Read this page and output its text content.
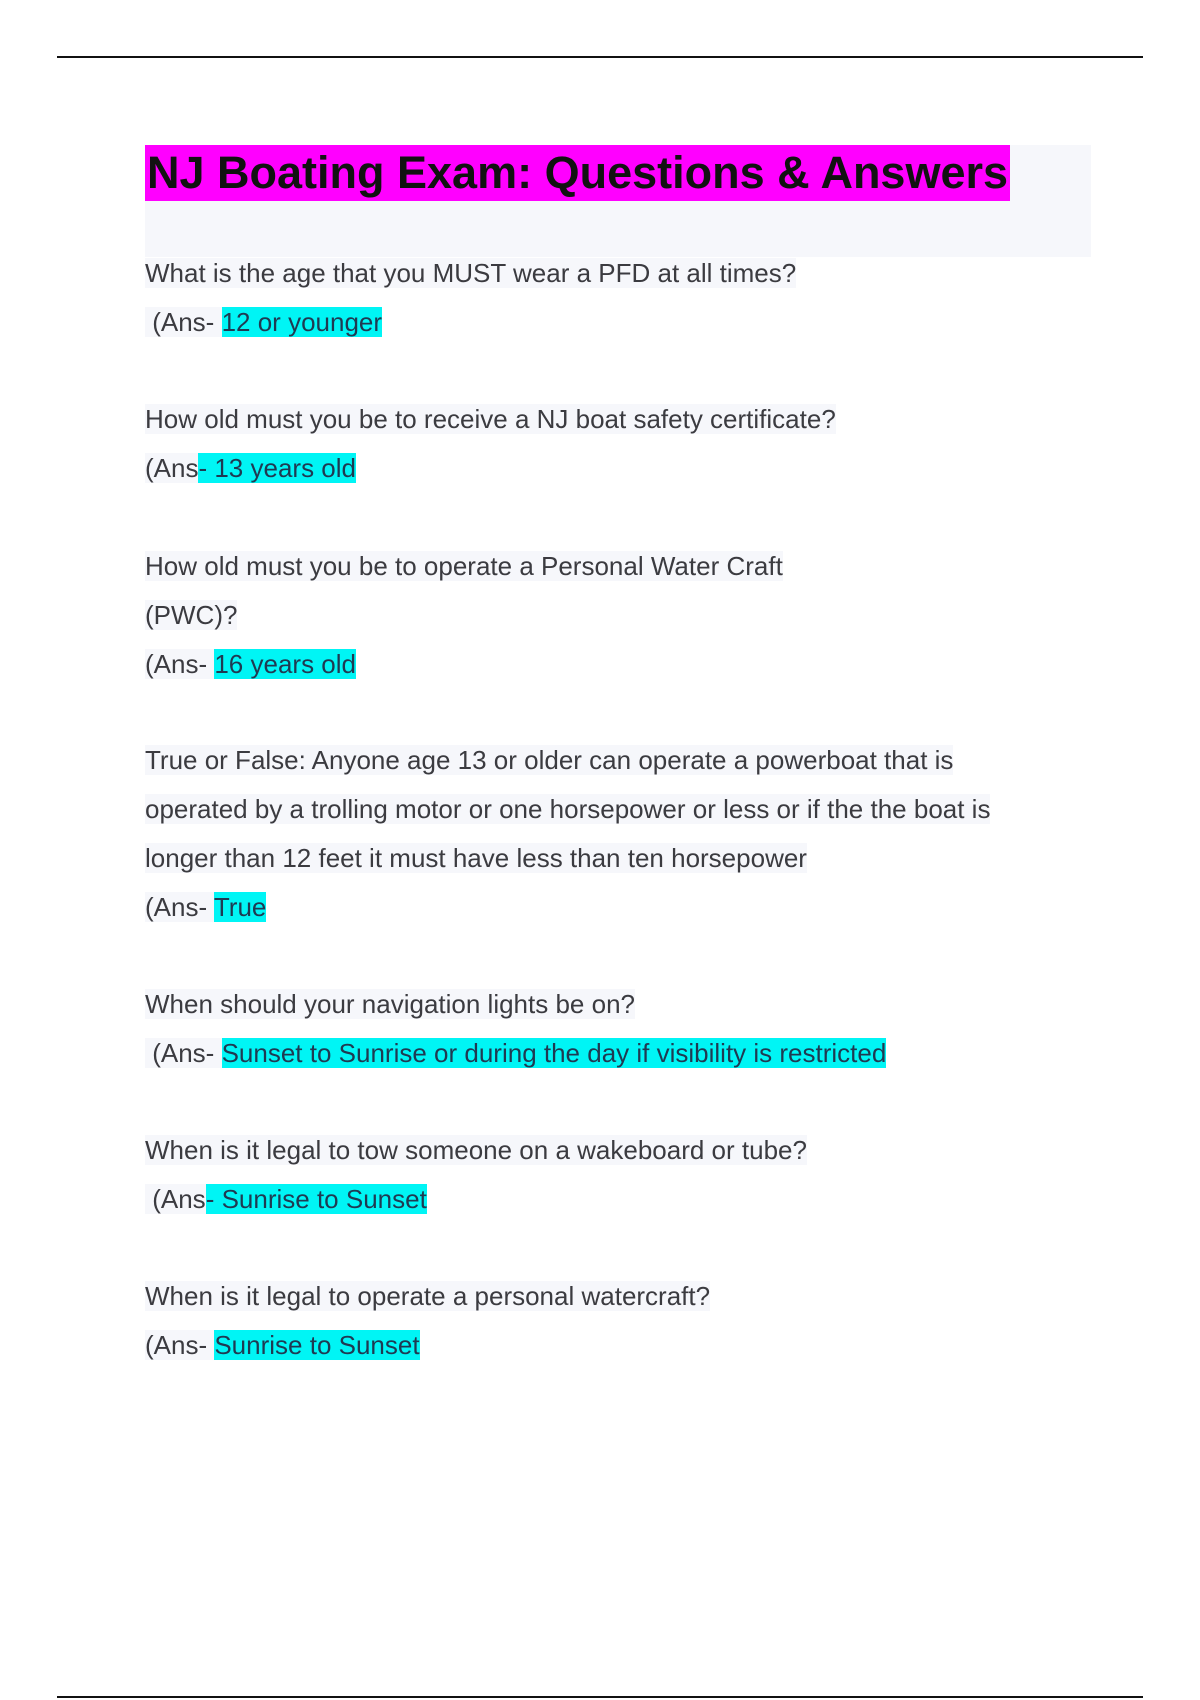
NJ Boating Exam: Questions & Answers
What is the age that you MUST wear a PFD at all times?
(Ans- 12 or younger
How old must you be to receive a NJ boat safety certificate?
(Ans- 13 years old
How old must you be to operate a Personal Water Craft
(PWC)?
(Ans- 16 years old
True or False: Anyone age 13 or older can operate a powerboat that is
operated by a trolling motor or one horsepower or less or if the the boat is
longer than 12 feet it must have less than ten horsepower
(Ans- True
When should your navigation lights be on?
(Ans- Sunset to Sunrise or during the day if visibility is restricted
When is it legal to tow someone on a wakeboard or tube?
(Ans- Sunrise to Sunset
When is it legal to operate a personal watercraft?
(Ans- Sunrise to Sunset
